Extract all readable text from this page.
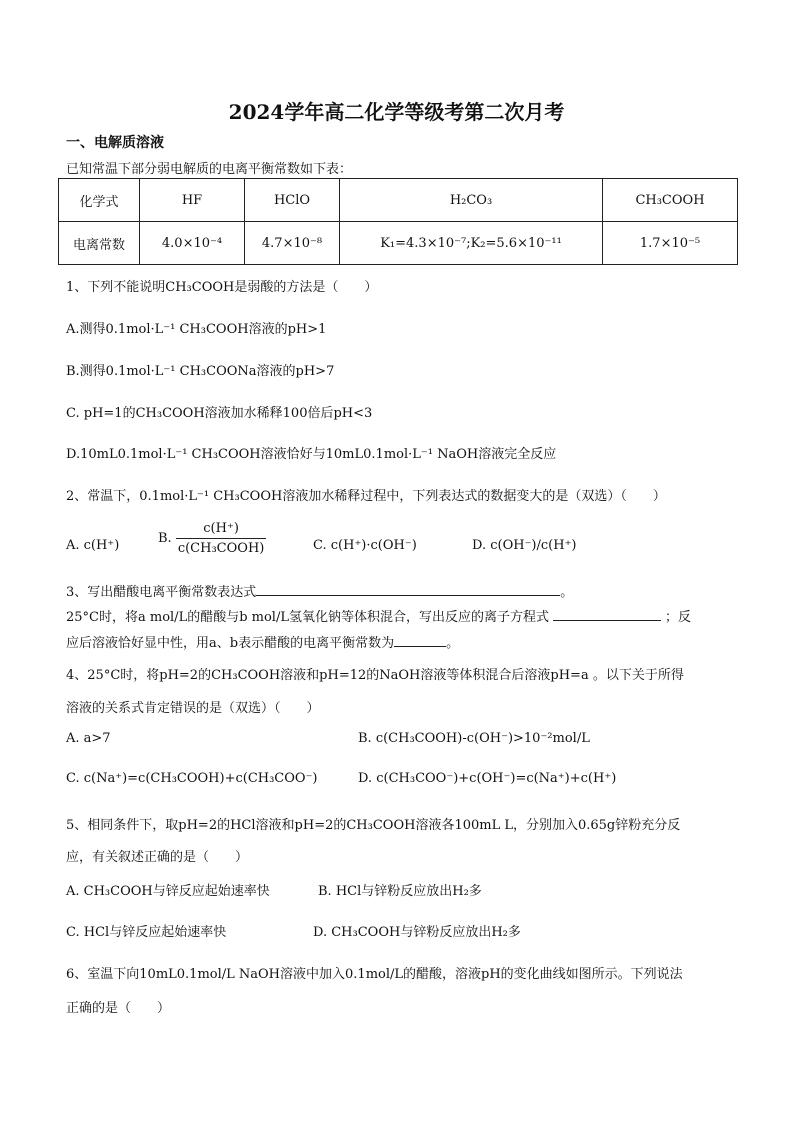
2024学年高二化学等级考第二次月考
一、电解质溶液
已知常温下部分弱电解质的电离平衡常数如下表：
化学式	HF	HClO	H₂CO₃	CH₃COOH
电离常数	4.0×10⁻⁴	4.7×10⁻⁸	K₁=4.3×10⁻⁷;K₂=5.6×10⁻¹¹	1.7×10⁻⁵
1、下列不能说明CH₃COOH是弱酸的方法是（　　）
A.测得0.1mol·L⁻¹ CH₃COOH溶液的pH>1
B.测得0.1mol·L⁻¹ CH₃COONa溶液的pH>7
C. pH=1的CH₃COOH溶液加水稀释100倍后pH<3
D.10mL0.1mol·L⁻¹ CH₃COOH溶液恰好与10mL0.1mol·L⁻¹ NaOH溶液完全反应
2、常温下，0.1mol·L⁻¹ CH₃COOH溶液加水稀释过程中，下列表达式的数据变大的是（双选）（　　）
A. c(H⁺)	B. $\frac{c(H^+)}{\text{c(CH₃COOH)}}$	C. c(H⁺)·c(OH⁻)	D. c(OH⁻)/c(H⁺)
3、写出醋酸电离平衡常数表达式	。
25°C时，将a mol/L的醋酸与b mol/L氢氧化钠等体积混合，写出反应的离子方程式	；反
应后溶液恰好显中性，用a、b表示醋酸的电离平衡常数为	。
4、25°C时，将pH=2的CH₃COOH溶液和pH=12的NaOH溶液等体积混合后溶液pH=a 。以下关于所得
溶液的关系式肯定错误的是（双选）（　　）
A. a>7	B. c(CH₃COOH)-c(OH⁻)>10⁻²mol/L
C. c(Na⁺)=c(CH₃COOH)+c(CH₃COO⁻)	D. c(CH₃COO⁻)+c(OH⁻)=c(Na⁺)+c(H⁺)
5、相同条件下，取pH=2的HCl溶液和pH=2的CH₃COOH溶液各100mL L，分别加入0.65g锌粉充分反
应，有关叙述正确的是（　　）
A. CH₃COOH与锌反应起始速率快	B. HCl与锌粉反应放出H₂多
C. HCl与锌反应起始速率快	D. CH₃COOH与锌粉反应放出H₂多
6、室温下向10mL0.1mol/L NaOH溶液中加入0.1mol/L的醋酸，溶液pH的变化曲线如图所示。下列说法
正确的是（　　）
